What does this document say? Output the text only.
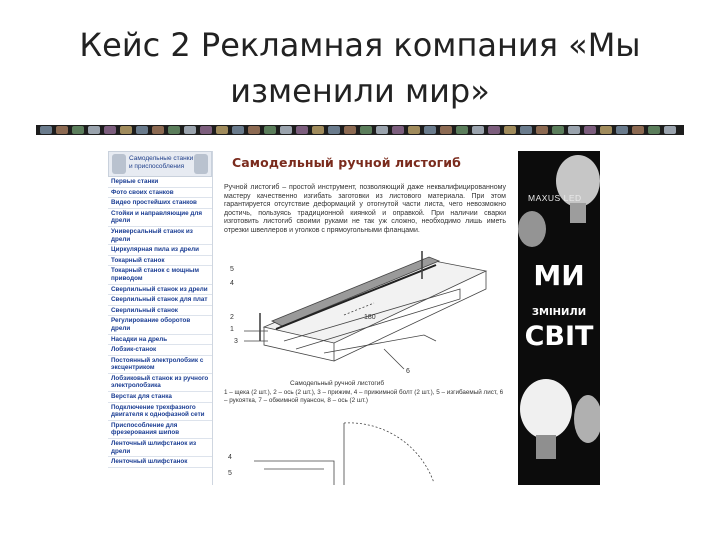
Кейс 2 Рекламная компания «Мы
изменили мир»
Самодельные станки и приспособления
Первые станки
Фото своих станков
Видео простейших станков
Стойки и направляющие для дрели
Универсальный станок из дрели
Циркулярная пила из дрели
Токарный станок
Токарный станок с мощным приводом
Сверлильный станок из дрели
Сверлильный станок для плат
Сверлильный станок
Регулирование оборотов дрели
Насадки на дрель
Лобзик-станок
Постоянный электролобзик с эксцентриком
Лобзиковый станок из ручного электролобзика
Верстак для станка
Подключение трехфазного двигателя к однофазной сети
Приспособление для фрезерования шипов
Ленточный шлифстанок из дрели
Ленточный шлифстанок
Самодельный ручной листогиб
Ручной листогиб – простой инструмент, позволяющий даже неквалифицированному мастеру качественно изгибать заготовки из листового материала. При этом гарантируется отсутствие деформаций у отогнутой части листа, чего невозможно достичь, пользуясь традиционной киянкой и оправкой. При наличии сварки изготовить листогиб своими руками не так уж сложно, необходимо лишь иметь отрезки швеллеров и уголков с прямоугольными фланцами.
5
4
2
1
3
180
6
Самодельный ручной листогиб
1 – щека (2 шт.), 2 – ось (2 шт.), 3 – прижим, 4 – прижимной болт (2 шт.), 5 – изгибаемый лист, 6 – рукоятка, 7 – обжимной пуансон, 8 – ось (2 шт.)
4
5
MAXUS LED
МИ
ЗМІНИЛИ
СВІТ
